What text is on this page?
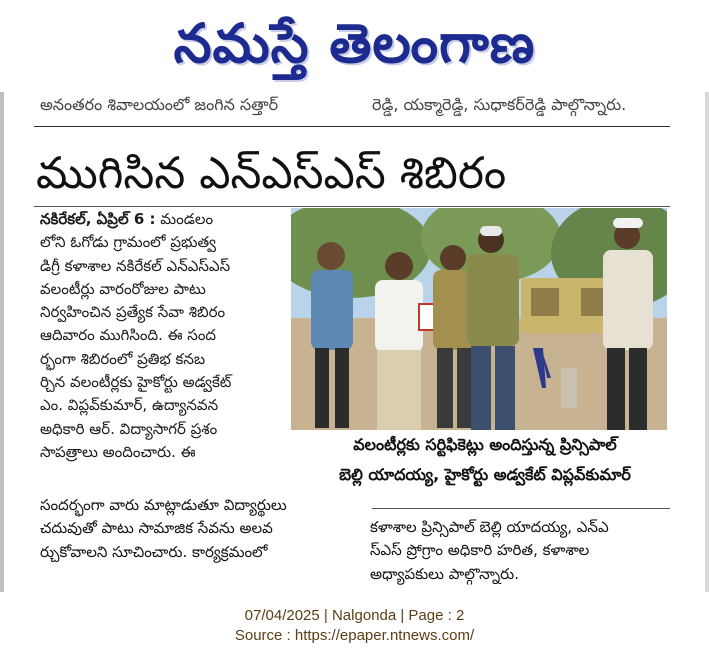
నమస్తే తెలంగాణ
అనంతరం శివాలయంలో జంగిన సత్తార్	రెడ్డి, యక్మారెడ్డి, సుధాకర్‌రెడ్డి పాల్గొన్నారు.
ముగిసిన ఎన్ఎస్ఎస్ శిబిరం
నకిరేకల్, ఏప్రిల్ 6 : మండలం
లోని ఓగోడు గ్రామంలో ప్రభుత్వ
డిగ్రీ కళాశాల నకిరేకల్ ఎన్ఎస్ఎస్
వలంటీర్లు వారంరోజుల పాటు
నిర్వహించిన ప్రత్యేక సేవా శిబిరం
ఆదివారం ముగిసింది. ఈ సంద
ర్భంగా శిబిరంలో ప్రతిభ కనబ
ర్చిన వలంటీర్లకు హైకోర్టు అడ్వకేట్
ఎం. విప్లవ్‌కుమార్, ఉద్యానవన
అధికారి ఆర్. విద్యాసాగర్ ప్రశం
సాపత్రాలు అందించారు. ఈ	వలంటీర్లకు సర్టిఫికెట్లు అందిస్తున్న ప్రిన్సిపాల్
బెల్లి యాదయ్య, హైకోర్టు అడ్వకేట్ విప్లవ్‌కుమార్
సందర్భంగా వారు మాట్లాడుతూ విద్యార్థులు
చదువుతో పాటు సామాజిక సేవను అలవ
ర్చుకోవాలని సూచించారు. కార్యక్రమంలో
కళాశాల ప్రిన్సిపాల్ బెల్లి యాదయ్య, ఎన్ఎ
స్ఎస్ ప్రోగ్రాం అధికారి హరిత, కళాశాల
అధ్యాపకులు పాల్గొన్నారు.
07/04/2025 | Nalgonda | Page : 2
Source : https://epaper.ntnews.com/
